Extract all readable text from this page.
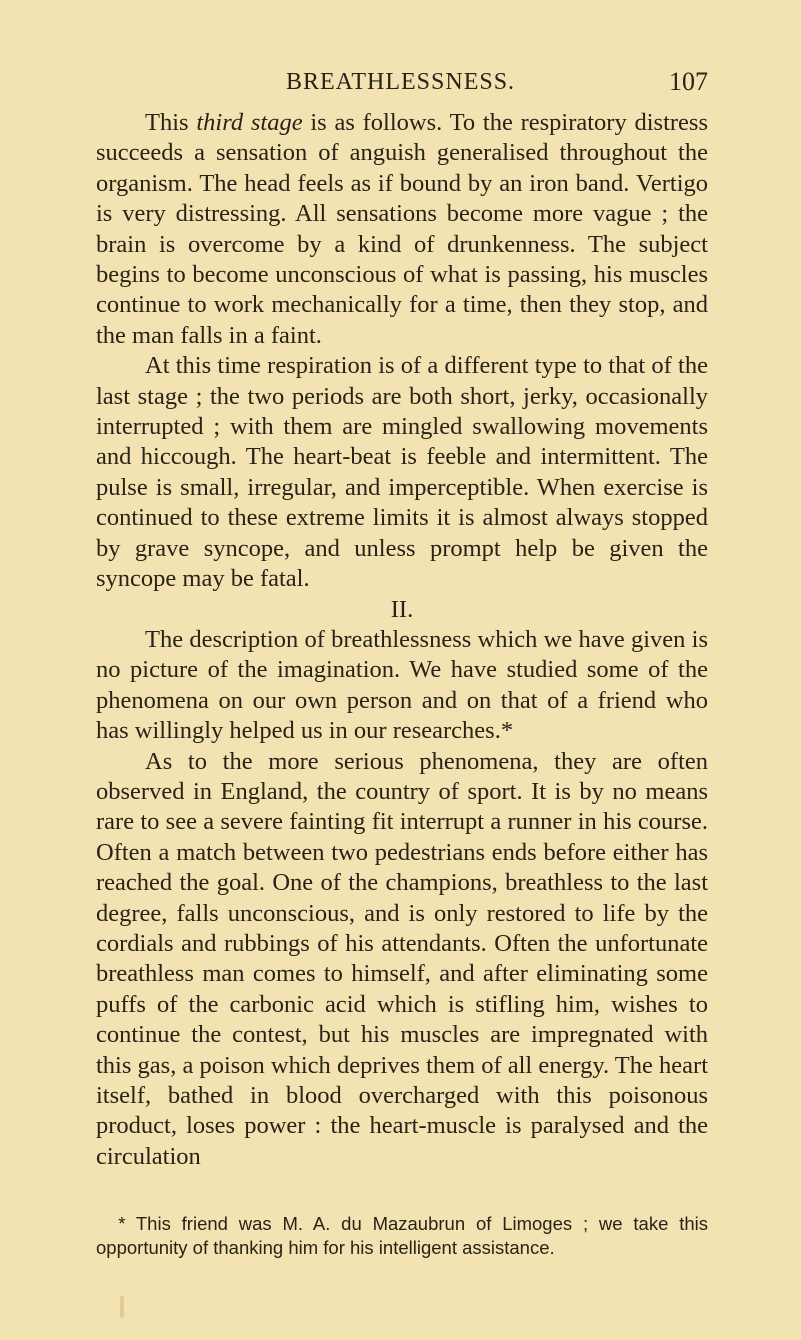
BREATHLESSNESS.	107

This third stage is as follows. To the respiratory distress succeeds a sensation of anguish generalised throughout the organism. The head feels as if bound by an iron band. Vertigo is very distressing. All sensations become more vague ; the brain is overcome by a kind of drunkenness. The subject begins to become unconscious of what is passing, his muscles continue to work mechanically for a time, then they stop, and the man falls in a faint.

At this time respiration is of a different type to that of the last stage ; the two periods are both short, jerky, occasionally interrupted ; with them are mingled swallowing movements and hiccough. The heart-beat is feeble and intermittent. The pulse is small, irregular, and imperceptible. When exercise is continued to these extreme limits it is almost always stopped by grave syncope, and unless prompt help be given the syncope may be fatal.

II.

The description of breathlessness which we have given is no picture of the imagination. We have studied some of the phenomena on our own person and on that of a friend who has willingly helped us in our researches.*

As to the more serious phenomena, they are often observed in England, the country of sport. It is by no means rare to see a severe fainting fit interrupt a runner in his course. Often a match between two pedestrians ends before either has reached the goal. One of the champions, breathless to the last degree, falls unconscious, and is only restored to life by the cordials and rubbings of his attendants. Often the unfortunate breathless man comes to himself, and after eliminating some puffs of the carbonic acid which is stifling him, wishes to continue the contest, but his muscles are impregnated with this gas, a poison which deprives them of all energy. The heart itself, bathed in blood overcharged with this poisonous product, loses power : the heart-muscle is paralysed and the circulation

* This friend was M. A. du Mazaubrun of Limoges ; we take this opportunity of thanking him for his intelligent assistance.
